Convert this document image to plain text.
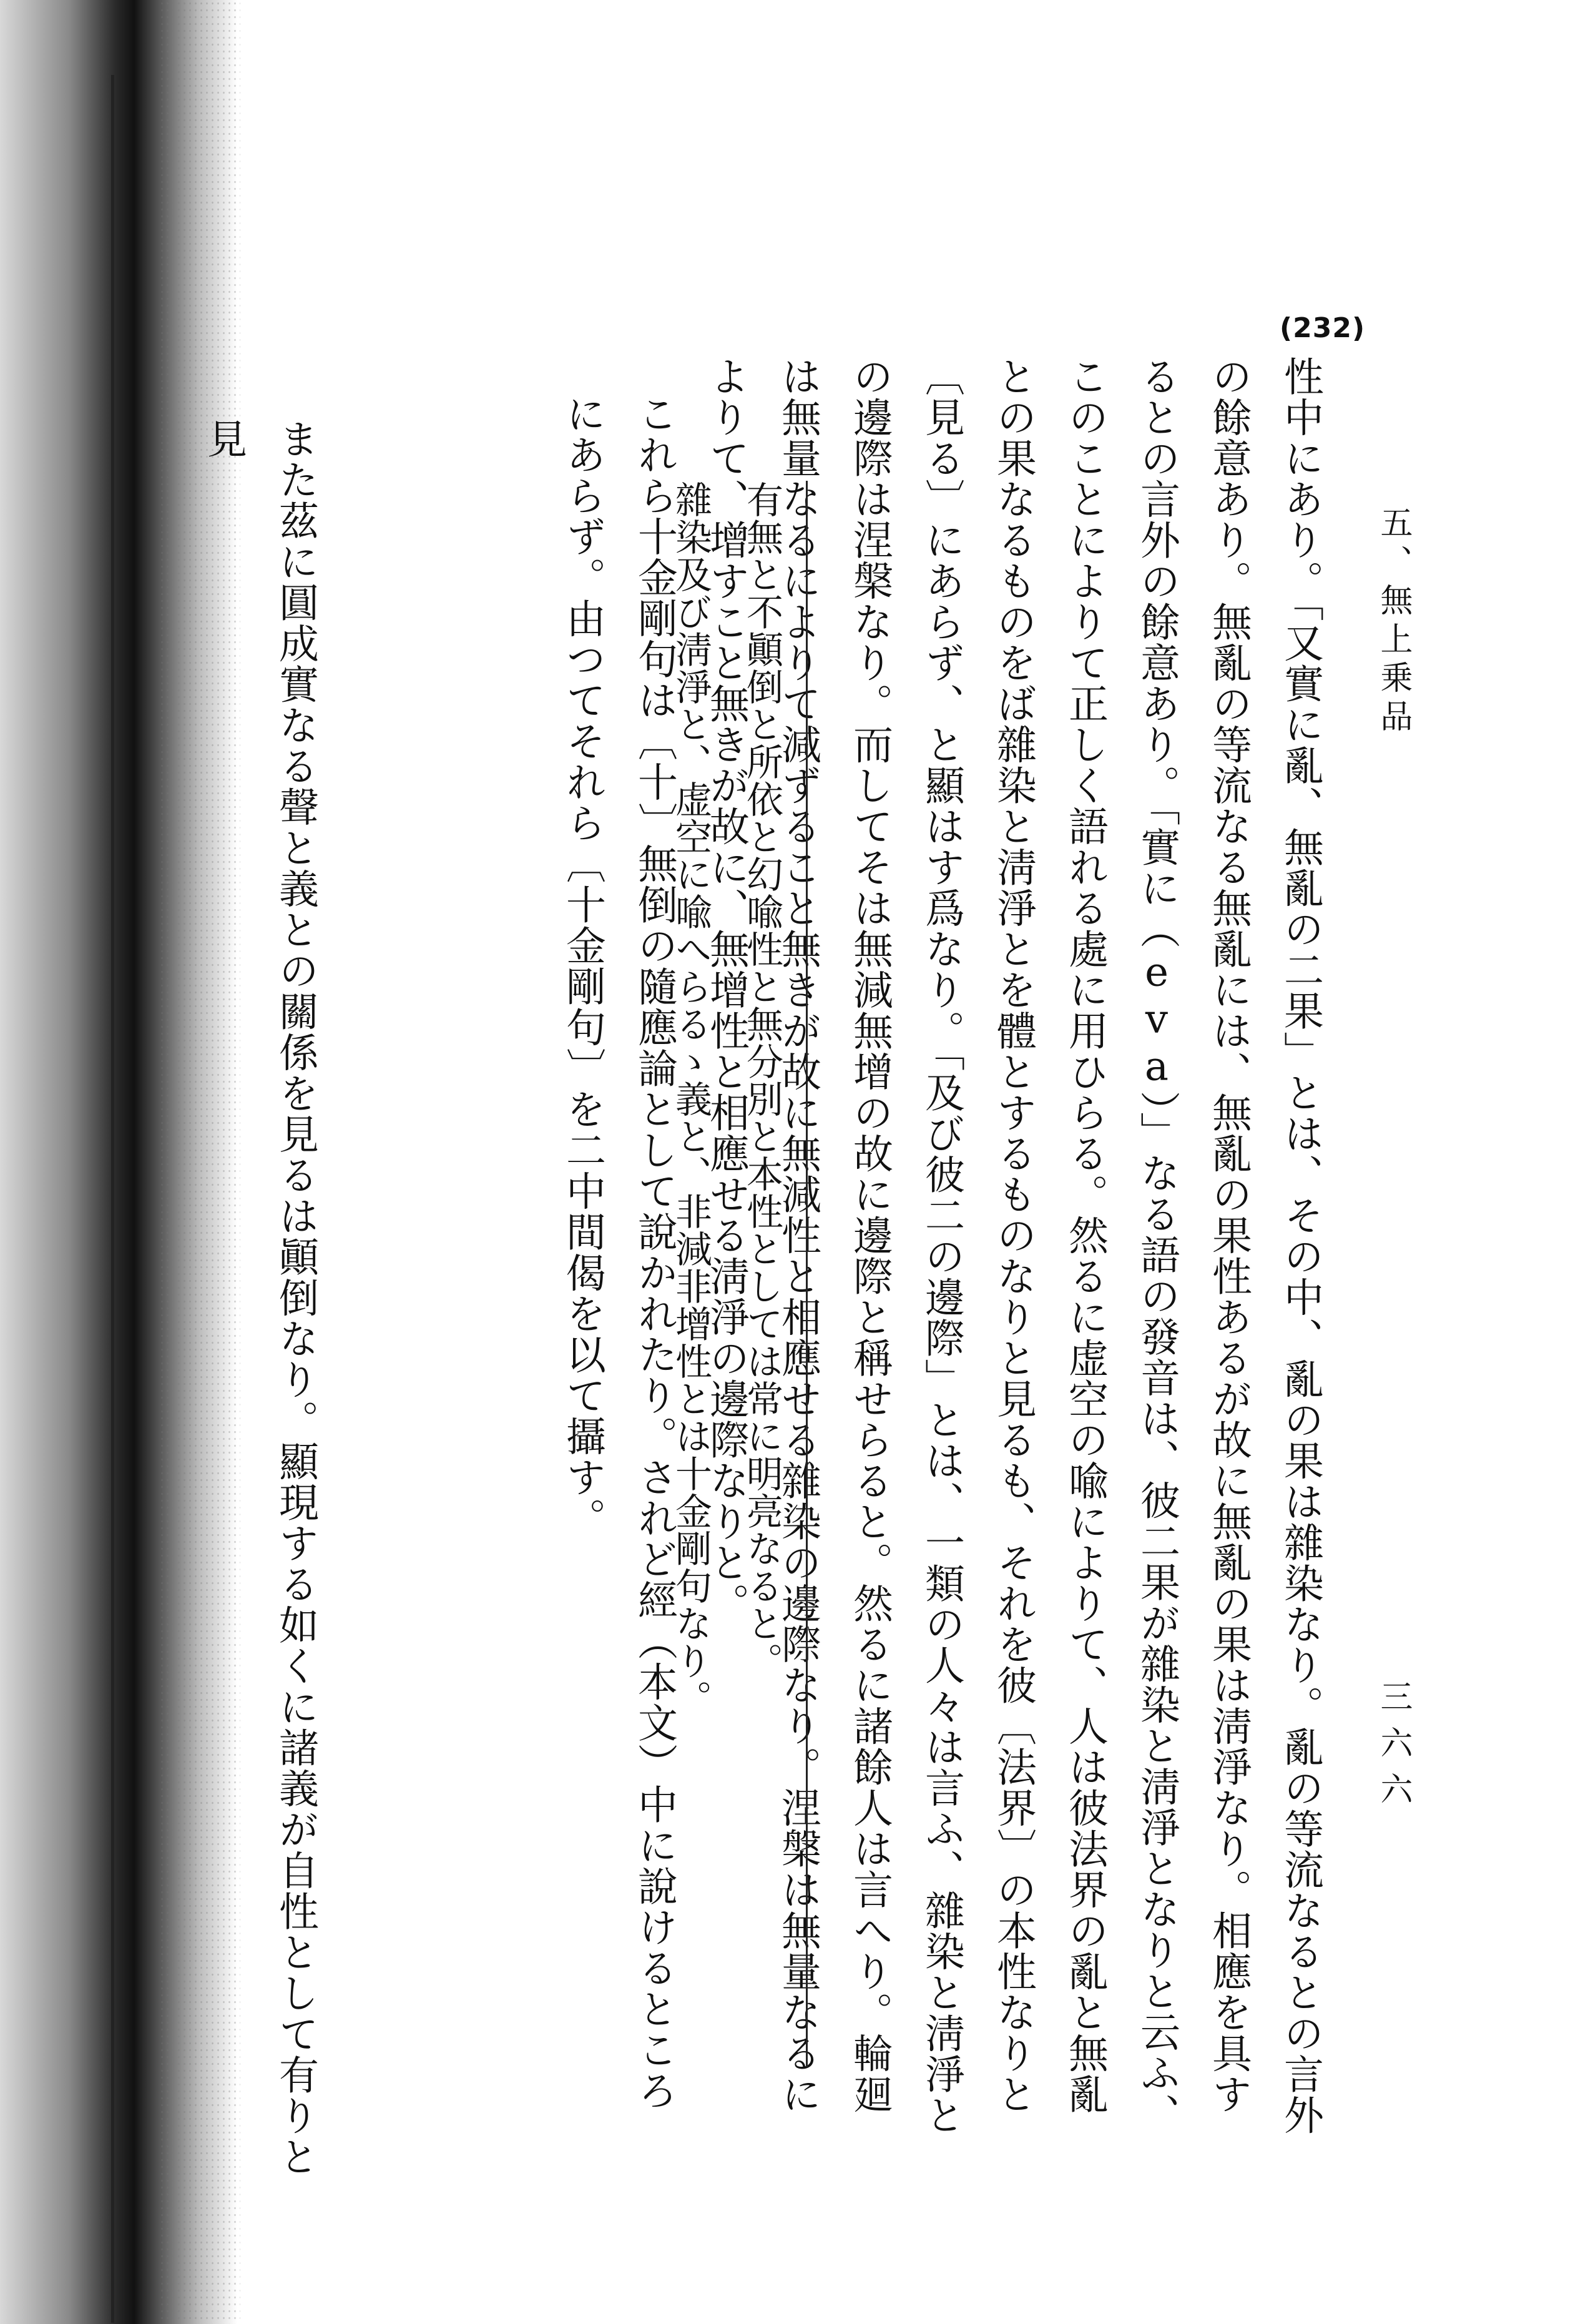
(232)
五、無上乗品
三六六

性中にあり。「又實に亂、無亂の二果」とは、その中、亂の果は雜染なり。亂の等流なるとの言外の餘意あり。無亂の等流なる無亂には、無亂の果性あるが故に無亂の果は淸淨なり。相應を具するとの言外の餘意あり。「實に（eva）」なる語の發音は、彼二果が雜染と淸淨となりと云ふ、このことによりて正しく語れる處に用ひらる。然るに虚空の喩によりて、人は彼法界の亂と無亂との果なるものをば雜染と淸淨とを體とするものなりと見るも、それを彼〔法界〕の本性なりと〔見る〕にあらず、と顯はす爲なり。「及び彼二の邊際」とは、一類の人々は言ふ、雜染と淸淨との邊際は涅槃なり。而してそは無減無增の故に邊際と稱せらると。然るに諸餘人は言へり。輪廻は無量なるによりて減ずること無きが故に無減性と相應せる雜染の邊際なり。涅槃は無量なるによりて、增すこと無きが故に、無增性と相應せる淸淨の邊際なりと。

これら十金剛句は〔十〕無倒の隨應論として說かれたり。されど經（本文）中に說けるところにあらず。由つてそれら〔十金剛句〕を二中間偈を以て攝す。	有無と不顚倒と所依と幻喩性と無分別と本性としては常に明亮なると。

雜染及び淸淨と、虚空に喩へらるゝ義と、非減非增性とは十金剛句なり。

また茲に圓成實なる聲と義との關係を見るは顚倒なり。顯現する如くに諸義が自性として有りと見
